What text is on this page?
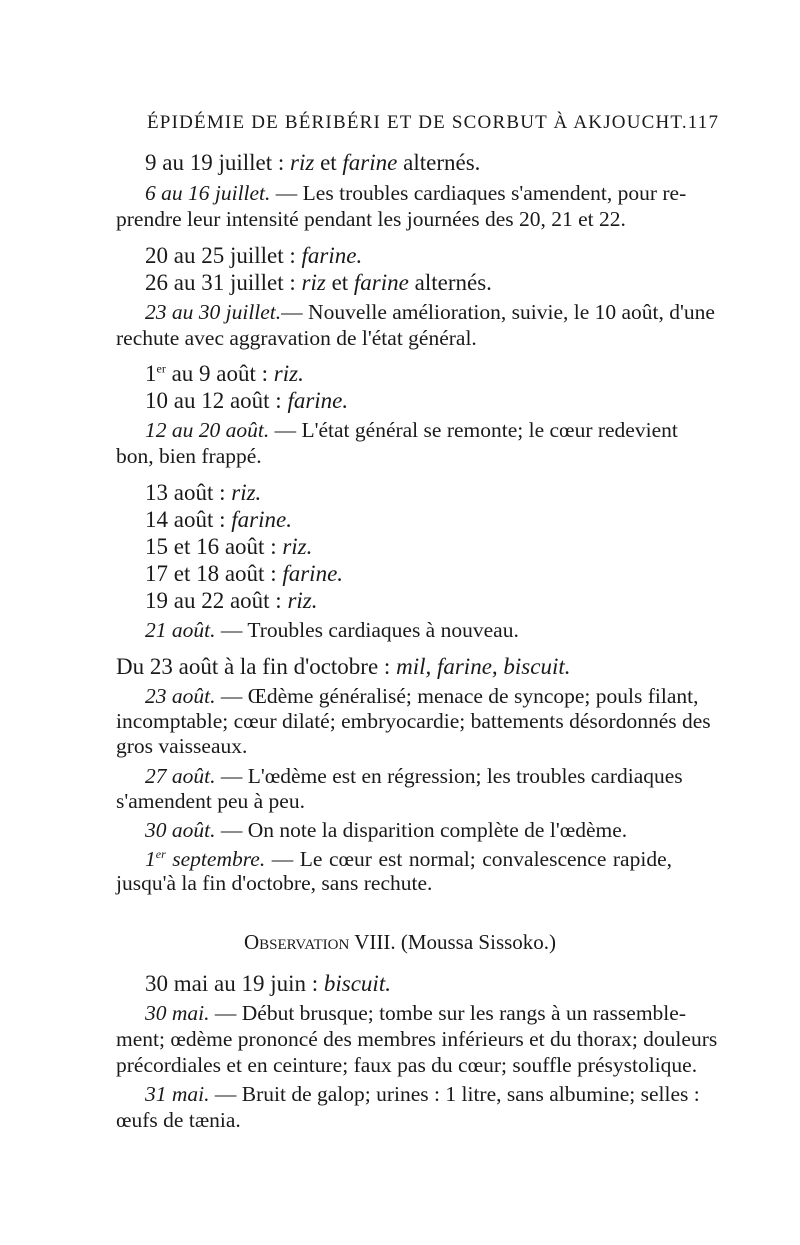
ÉPIDÉMIE DE BÉRIBÉRI ET DE SCORBUT À AKJOUCHT. 117
9 au 19 juillet : riz et farine alternés.
6 au 16 juillet. — Les troubles cardiaques s'amendent, pour re-
prendre leur intensité pendant les journées des 20, 21 et 22.
20 au 25 juillet : farine.
26 au 31 juillet : riz et farine alternés.
23 au 30 juillet.— Nouvelle amélioration, suivie, le 10 août, d'une
rechute avec aggravation de l'état général.
1er au 9 août : riz.
10 au 12 août : farine.
12 au 20 août. — L'état général se remonte; le cœur redevient
bon, bien frappé.
13 août : riz.
14 août : farine.
15 et 16 août : riz.
17 et 18 août : farine.
19 au 22 août : riz.
21 août. — Troubles cardiaques à nouveau.
Du 23 août à la fin d'octobre : mil, farine, biscuit.
23 août. — Œdème généralisé; menace de syncope; pouls filant,
incomptable; cœur dilaté; embryocardie; battements désordonnés des
gros vaisseaux.
27 août. — L'œdème est en régression; les troubles cardiaques
s'amendent peu à peu.
30 août. — On note la disparition complète de l'œdème.
1er septembre. — Le cœur est normal; convalescence rapide,
jusqu'à la fin d'octobre, sans rechute.
Observation VIII. (Moussa Sissoko.)
30 mai au 19 juin : biscuit.
30 mai. — Début brusque; tombe sur les rangs à un rassemble-
ment; œdème prononcé des membres inférieurs et du thorax; douleurs
précordiales et en ceinture; faux pas du cœur; souffle présystolique.
31 mai. — Bruit de galop; urines : 1 litre, sans albumine; selles :
œufs de tænia.
